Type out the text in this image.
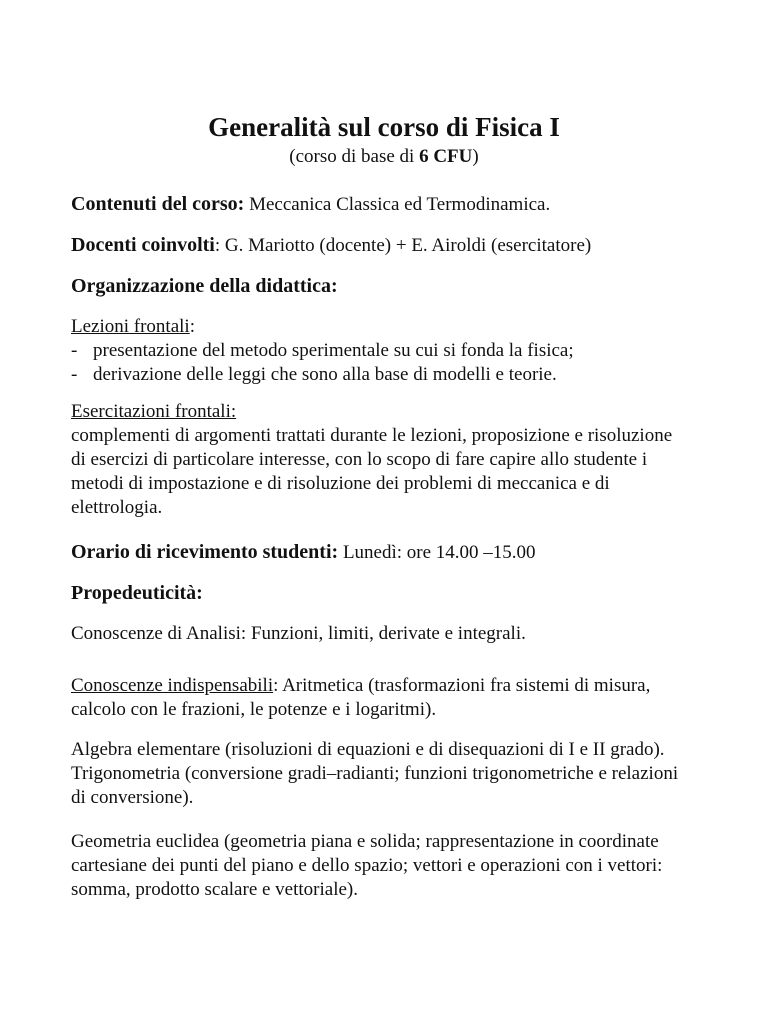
Generalità sul corso di Fisica I
(corso di base di 6 CFU)
Contenuti del corso: Meccanica Classica ed Termodinamica.
Docenti coinvolti: G. Mariotto (docente) + E. Airoldi (esercitatore)
Organizzazione della didattica:
Lezioni frontali:
- presentazione del metodo sperimentale su cui si fonda la fisica;
- derivazione delle leggi che sono alla base di modelli e teorie.
Esercitazioni frontali:
complementi di argomenti trattati durante le lezioni, proposizione e risoluzione di esercizi di particolare interesse, con lo scopo di fare capire allo studente i metodi di impostazione e di risoluzione dei problemi di meccanica e di elettrologia.
Orario di ricevimento studenti: Lunedì: ore 14.00 –15.00
Propedeuticità:
Conoscenze di Analisi: Funzioni, limiti, derivate e integrali.
Conoscenze indispensabili: Aritmetica (trasformazioni fra sistemi di misura, calcolo con le frazioni, le potenze e i logaritmi).
Algebra elementare (risoluzioni di equazioni e di disequazioni di I e II grado). Trigonometria (conversione gradi–radianti; funzioni trigonometriche e relazioni di conversione).
Geometria euclidea (geometria piana e solida; rappresentazione in coordinate cartesiane dei punti del piano e dello spazio; vettori e operazioni con i vettori: somma, prodotto scalare e vettoriale).
